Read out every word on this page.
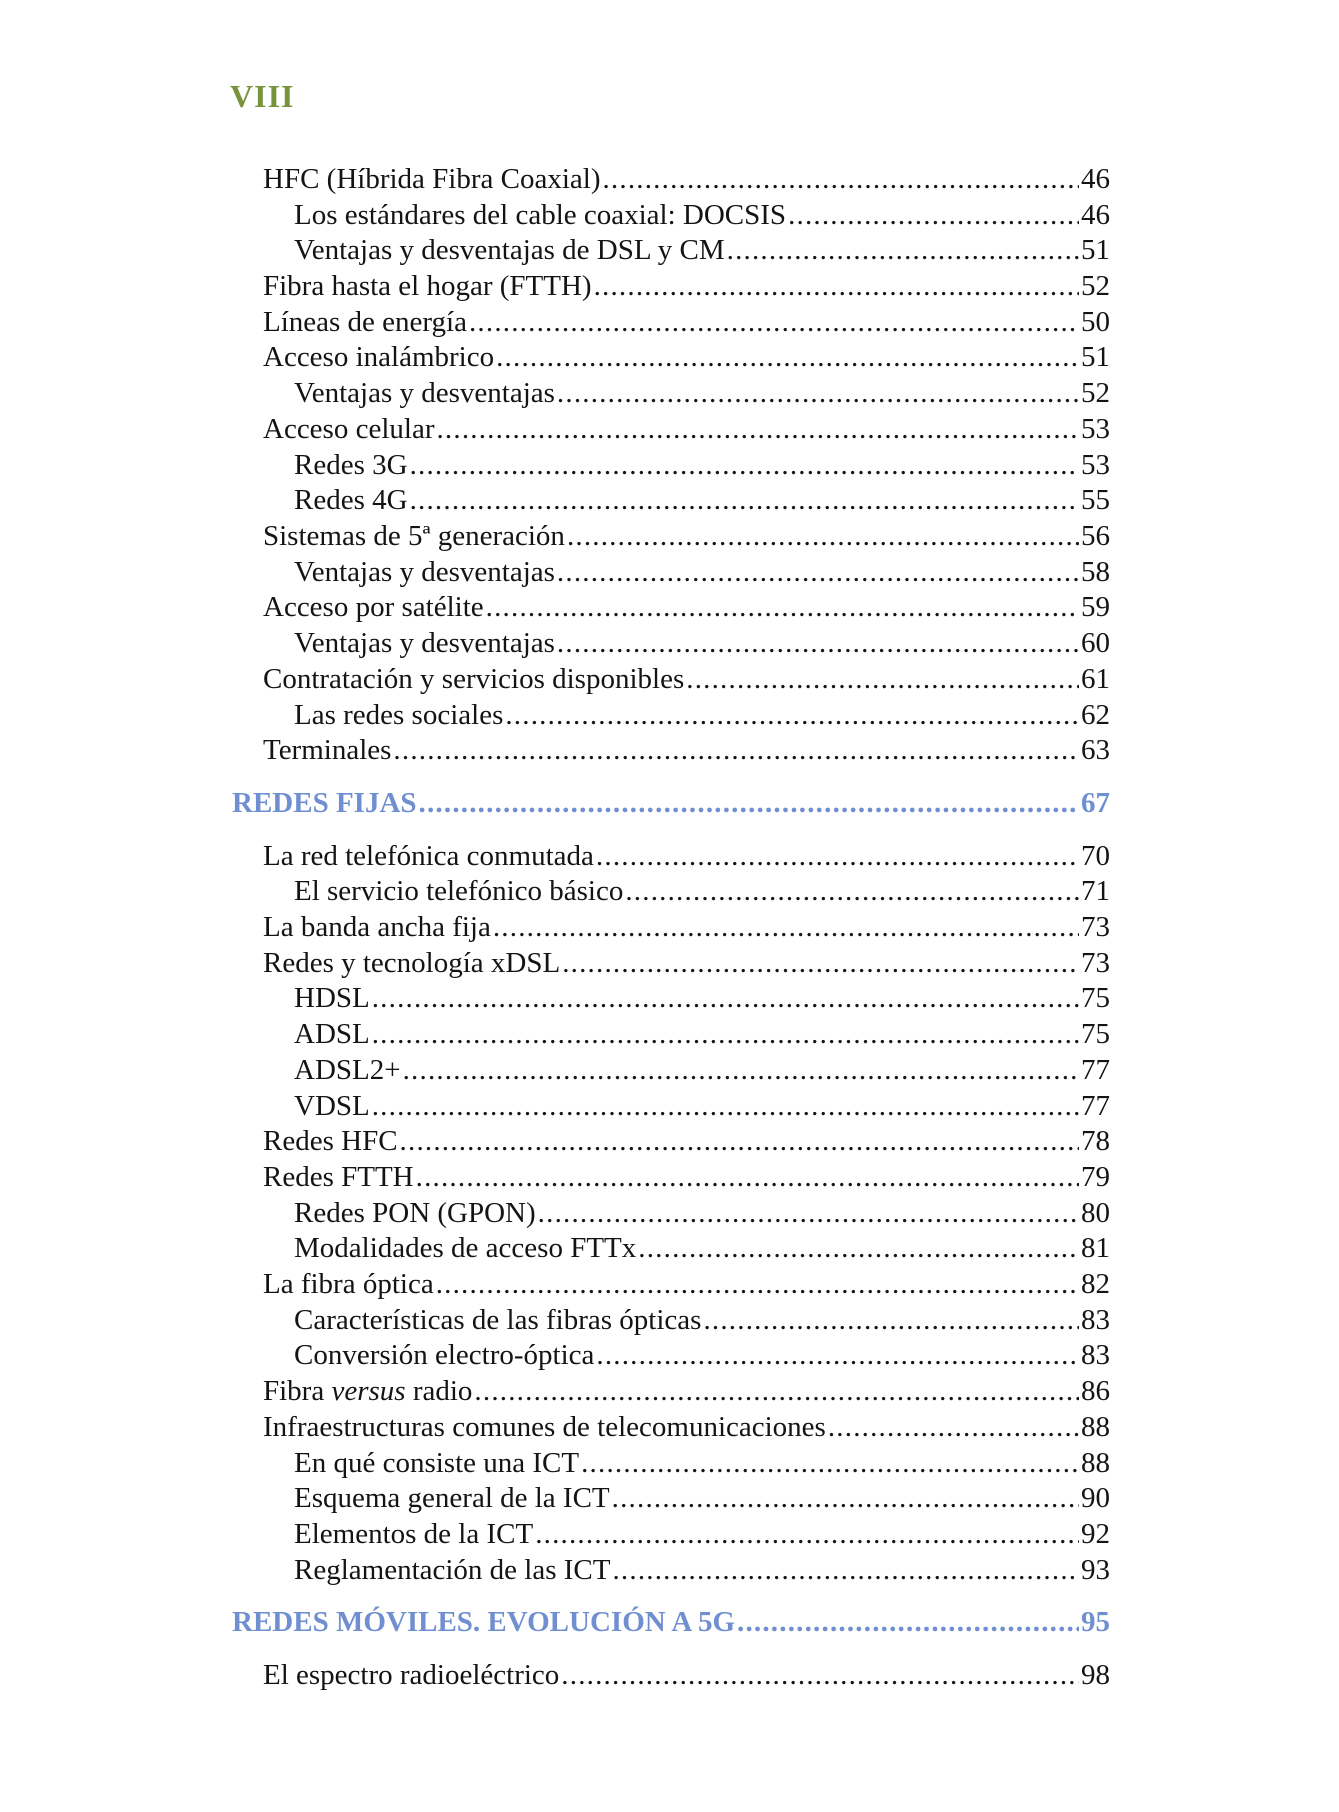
VIII
HFC (Híbrida Fibra Coaxial) .....	46
Los estándares del cable coaxial: DOCSIS .....	46
Ventajas y desventajas de DSL y CM .....	51
Fibra hasta el hogar (FTTH) .....	52
Líneas de energía .....	50
Acceso inalámbrico .....	51
Ventajas y desventajas .....	52
Acceso celular .....	53
Redes 3G .....	53
Redes 4G .....	55
Sistemas de 5ª generación .....	56
Ventajas y desventajas .....	58
Acceso por satélite .....	59
Ventajas y desventajas .....	60
Contratación y servicios disponibles .....	61
Las redes sociales .....	62
Terminales .....	63
REDES FIJAS .....	67
La red telefónica conmutada .....	70
El servicio telefónico básico .....	71
La banda ancha fija .....	73
Redes y tecnología xDSL .....	73
HDSL .....	75
ADSL .....	75
ADSL2+ .....	77
VDSL .....	77
Redes HFC .....	78
Redes FTTH .....	79
Redes PON (GPON) .....	80
Modalidades de acceso FTTx .....	81
La fibra óptica .....	82
Características de las fibras ópticas .....	83
Conversión electro-óptica .....	83
Fibra versus radio .....	86
Infraestructuras comunes de telecomunicaciones .....	88
En qué consiste una ICT .....	88
Esquema general de la ICT .....	90
Elementos de la ICT .....	92
Reglamentación de las ICT .....	93
REDES MÓVILES. EVOLUCIÓN A 5G .....	95
El espectro radioeléctrico .....	98
